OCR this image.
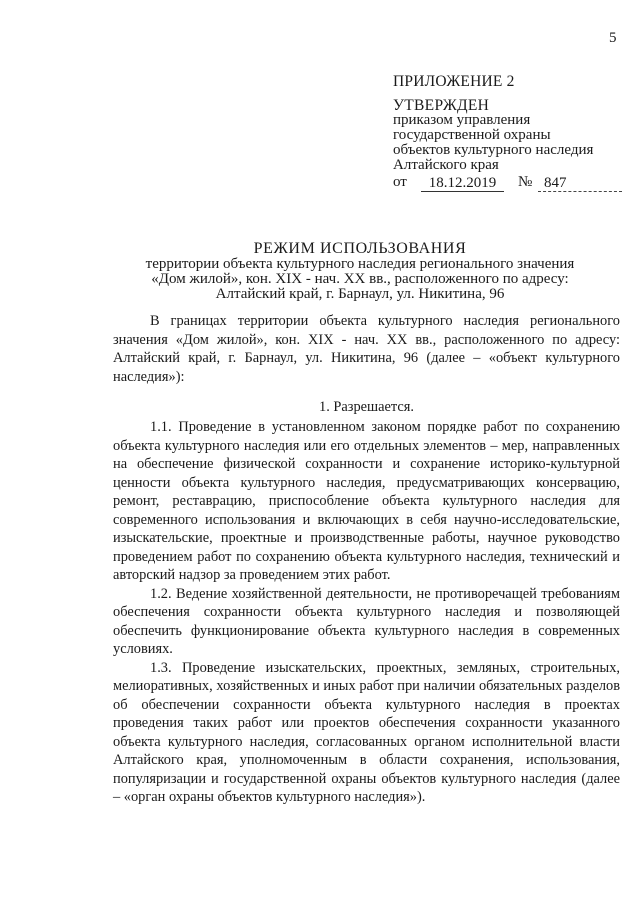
5
ПРИЛОЖЕНИЕ 2
УТВЕРЖДЕН
приказом управления
государственной охраны
объектов культурного наследия
Алтайского края
от	18.12.2019	№ 847
РЕЖИМ ИСПОЛЬЗОВАНИЯ
территории объекта культурного наследия регионального значения
«Дом жилой», кон. XIX - нач. XX вв., расположенного по адресу:
Алтайский край, г. Барнаул, ул. Никитина, 96

В границах территории объекта культурного наследия регионального значения «Дом жилой», кон. XIX - нач. XX вв., расположенного по адресу: Алтайский край, г. Барнаул, ул. Никитина, 96 (далее – «объект культурного наследия»):

1. Разрешается.

1.1. Проведение в установленном законом порядке работ по сохранению объекта культурного наследия или его отдельных элементов – мер, направленных на обеспечение физической сохранности и сохранение историко-культурной ценности объекта культурного наследия, предусматривающих консервацию, ремонт, реставрацию, приспособление объекта культурного наследия для современного использования и включающих в себя научно-исследовательские, изыскательские, проектные и производственные работы, научное руководство проведением работ по сохранению объекта культурного наследия, технический и авторский надзор за проведением этих работ.

1.2. Ведение хозяйственной деятельности, не противоречащей требованиям обеспечения сохранности объекта культурного наследия и позволяющей обеспечить функционирование объекта культурного наследия в современных условиях.

1.3. Проведение изыскательских, проектных, земляных, строительных, мелиоративных, хозяйственных и иных работ при наличии обязательных разделов об обеспечении сохранности объекта культурного наследия в проектах проведения таких работ или проектов обеспечения сохранности указанного объекта культурного наследия, согласованных органом исполнительной власти Алтайского края, уполномоченным в области сохранения, использования, популяризации и государственной охраны объектов культурного наследия (далее – «орган охраны объектов культурного наследия»).
